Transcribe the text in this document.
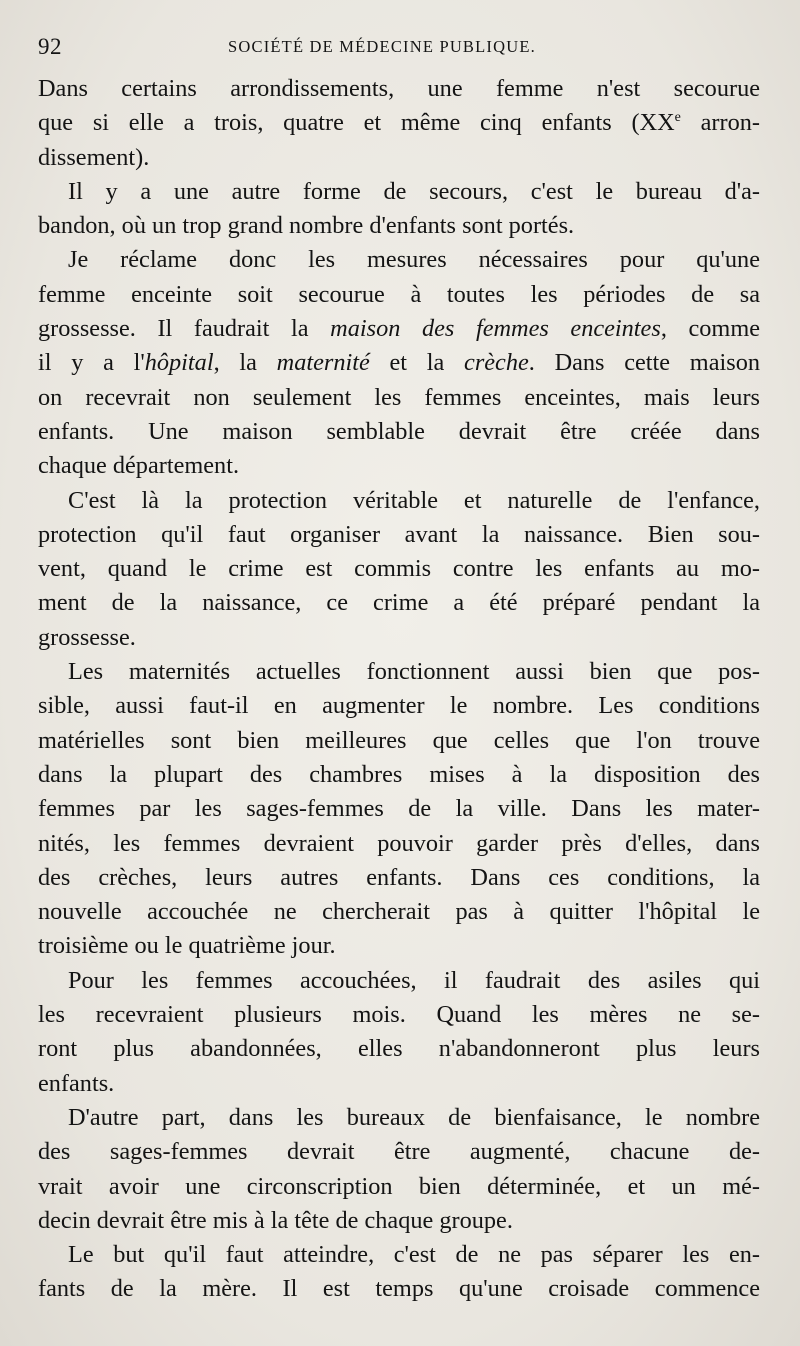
92	SOCIÉTÉ DE MÉDECINE PUBLIQUE.
Dans certains arrondissements, une femme n'est secourue
que si elle a trois, quatre et même cinq enfants (XXe arron-
dissement).
Il y a une autre forme de secours, c'est le bureau d'a-
bandon, où un trop grand nombre d'enfants sont portés.
Je réclame donc les mesures nécessaires pour qu'une
femme enceinte soit secourue à toutes les périodes de sa
grossesse. Il faudrait la maison des femmes enceintes, comme
il y a l'hôpital, la maternité et la crèche. Dans cette maison
on recevrait non seulement les femmes enceintes, mais leurs
enfants. Une maison semblable devrait être créée dans
chaque département.
C'est là la protection véritable et naturelle de l'enfance,
protection qu'il faut organiser avant la naissance. Bien sou-
vent, quand le crime est commis contre les enfants au mo-
ment de la naissance, ce crime a été préparé pendant la
grossesse.
Les maternités actuelles fonctionnent aussi bien que pos-
sible, aussi faut-il en augmenter le nombre. Les conditions
matérielles sont bien meilleures que celles que l'on trouve
dans la plupart des chambres mises à la disposition des
femmes par les sages-femmes de la ville. Dans les mater-
nités, les femmes devraient pouvoir garder près d'elles, dans
des crèches, leurs autres enfants. Dans ces conditions, la
nouvelle accouchée ne chercherait pas à quitter l'hôpital le
troisième ou le quatrième jour.
Pour les femmes accouchées, il faudrait des asiles qui
les recevraient plusieurs mois. Quand les mères ne se-
ront plus abandonnées, elles n'abandonneront plus leurs
enfants.
D'autre part, dans les bureaux de bienfaisance, le nombre
des sages-femmes devrait être augmenté, chacune de-
vrait avoir une circonscription bien déterminée, et un mé-
decin devrait être mis à la tête de chaque groupe.
Le but qu'il faut atteindre, c'est de ne pas séparer les en-
fants de la mère. Il est temps qu'une croisade commence
